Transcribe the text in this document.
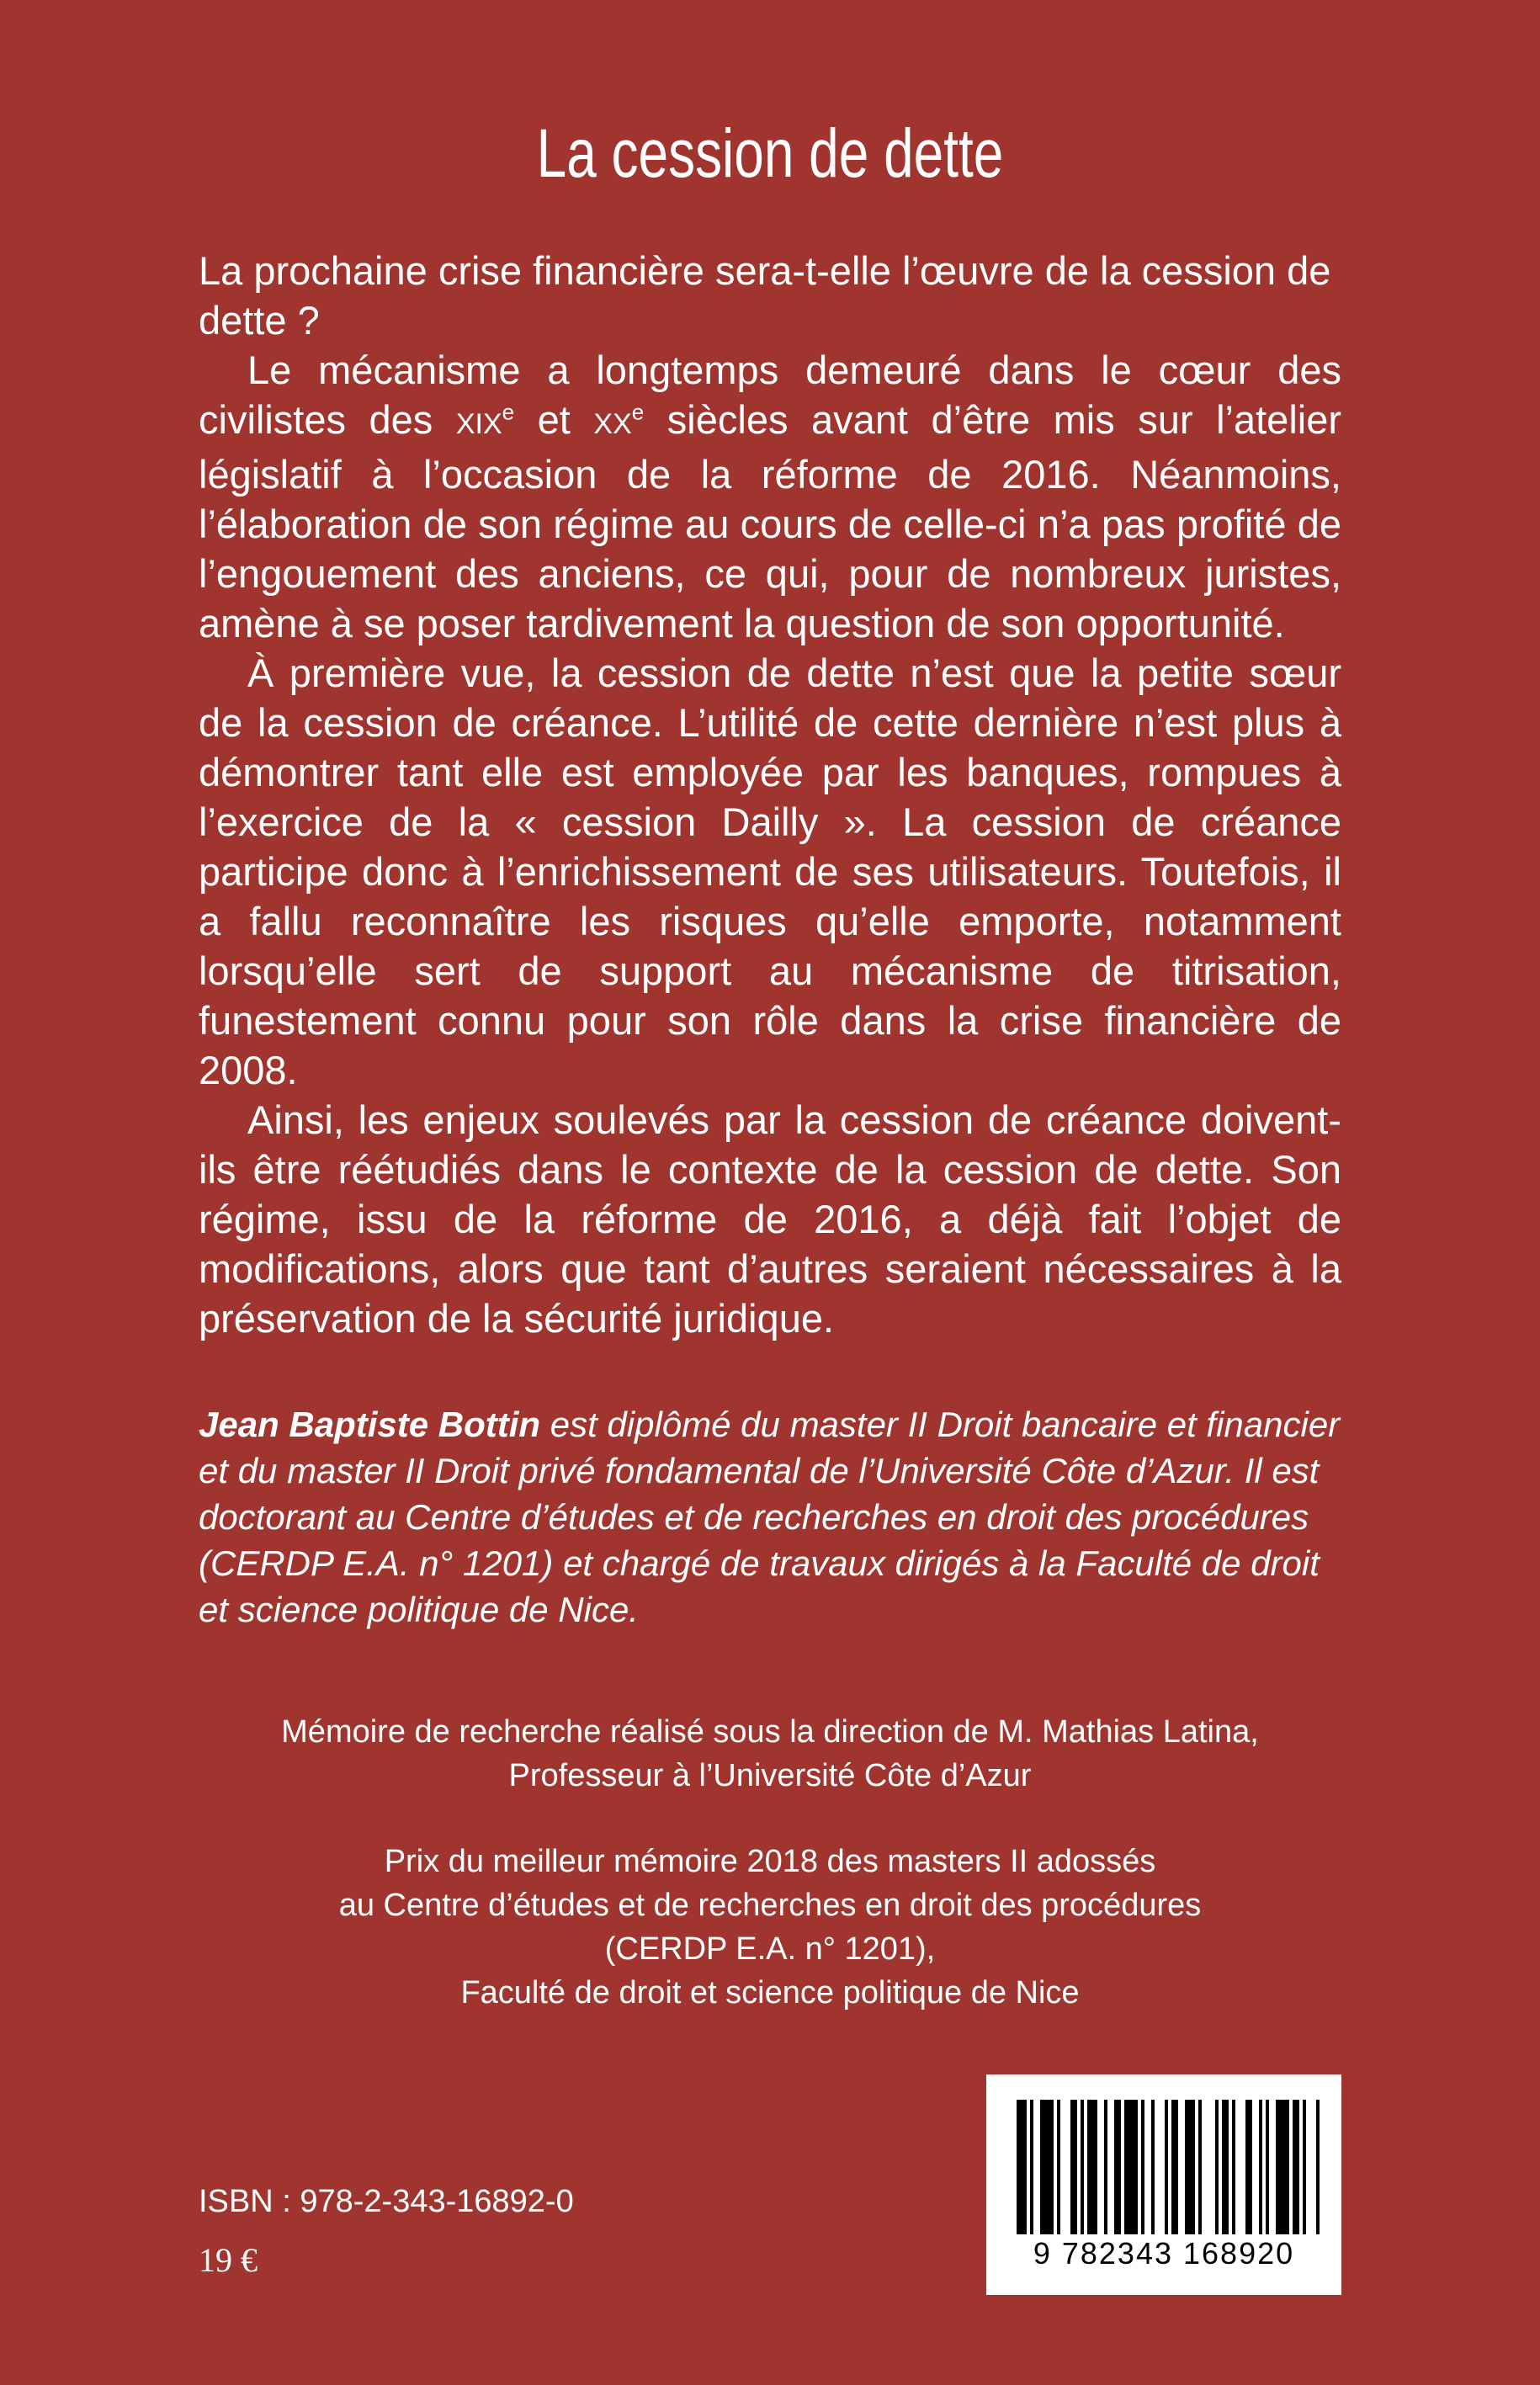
La cession de dette

La prochaine crise financière sera-t-elle l’œuvre de la cession de dette ?

Le mécanisme a longtemps demeuré dans le cœur des civilistes des XIXe et XXe siècles avant d’être mis sur l’atelier législatif à l’occasion de la réforme de 2016. Néanmoins, l’élaboration de son régime au cours de celle-ci n’a pas profité de l’engouement des anciens, ce qui, pour de nombreux juristes, amène à se poser tardivement la question de son opportunité.

À première vue, la cession de dette n’est que la petite sœur de la cession de créance. L’utilité de cette dernière n’est plus à démontrer tant elle est employée par les banques, rompues à l’exercice de la « cession Dailly ». La cession de créance participe donc à l’enrichissement de ses utilisateurs. Toutefois, il a fallu reconnaître les risques qu’elle emporte, notamment lorsqu’elle sert de support au mécanisme de titrisation, funestement connu pour son rôle dans la crise financière de 2008.

Ainsi, les enjeux soulevés par la cession de créance doivent-ils être réétudiés dans le contexte de la cession de dette. Son régime, issu de la réforme de 2016, a déjà fait l’objet de modifications, alors que tant d’autres seraient nécessaires à la préservation de la sécurité juridique.

Jean Baptiste Bottin est diplômé du master II Droit bancaire et financier et du master II Droit privé fondamental de l’Université Côte d’Azur. Il est doctorant au Centre d’études et de recherches en droit des procédures (CERDP E.A. n° 1201) et chargé de travaux dirigés à la Faculté de droit et science politique de Nice.
Mémoire de recherche réalisé sous la direction de M. Mathias Latina,
Professeur à l’Université Côte d’Azur
Prix du meilleur mémoire 2018 des masters II adossés
au Centre d’études et de recherches en droit des procédures
(CERDP E.A. n° 1201),
Faculté de droit et science politique de Nice
ISBN : 978-2-343-16892-0
19 €	9 782343 168920
